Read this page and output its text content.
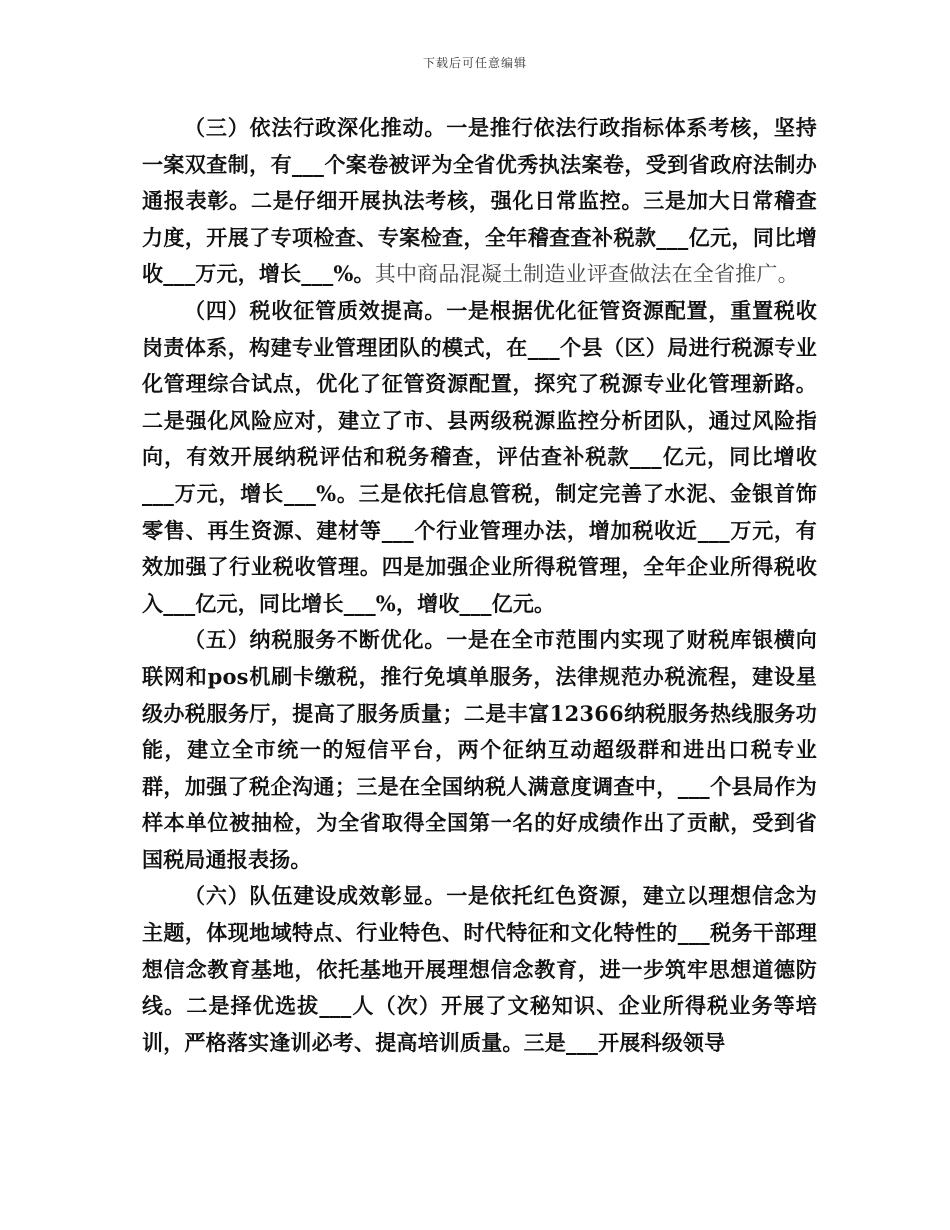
下载后可任意编辑

（三）依法行政深化推动。一是推行依法行政指标体系考核，坚持一案双查制，有___个案卷被评为全省优秀执法案卷，受到省政府法制办通报表彰。二是仔细开展执法考核，强化日常监控。三是加大日常稽查力度，开展了专项检查、专案检查，全年稽查查补税款___亿元，同比增收___万元，增长___%。其中商品混凝土制造业评查做法在全省推广。

（四）税收征管质效提高。一是根据优化征管资源配置，重置税收岗责体系，构建专业管理团队的模式，在___个县（区）局进行税源专业化管理综合试点，优化了征管资源配置，探究了税源专业化管理新路。二是强化风险应对，建立了市、县两级税源监控分析团队，通过风险指向，有效开展纳税评估和税务稽查，评估查补税款___亿元，同比增收___万元，增长___%。三是依托信息管税，制定完善了水泥、金银首饰零售、再生资源、建材等___个行业管理办法，增加税收近___万元，有效加强了行业税收管理。四是加强企业所得税管理，全年企业所得税收入___亿元，同比增长___%，增收___亿元。

（五）纳税服务不断优化。一是在全市范围内实现了财税库银横向联网和pos机刷卡缴税，推行免填单服务，法律规范办税流程，建设星级办税服务厅，提高了服务质量；二是丰富12366纳税服务热线服务功能，建立全市统一的短信平台，两个征纳互动超级群和进出口税专业群，加强了税企沟通；三是在全国纳税人满意度调查中，___个县局作为样本单位被抽检，为全省取得全国第一名的好成绩作出了贡献，受到省国税局通报表扬。

（六）队伍建设成效彰显。一是依托红色资源，建立以理想信念为主题，体现地域特点、行业特色、时代特征和文化特性的___税务干部理想信念教育基地，依托基地开展理想信念教育，进一步筑牢思想道德防线。二是择优选拔___人（次）开展了文秘知识、企业所得税业务等培训，严格落实逢训必考、提高培训质量。三是___开展科级领导
